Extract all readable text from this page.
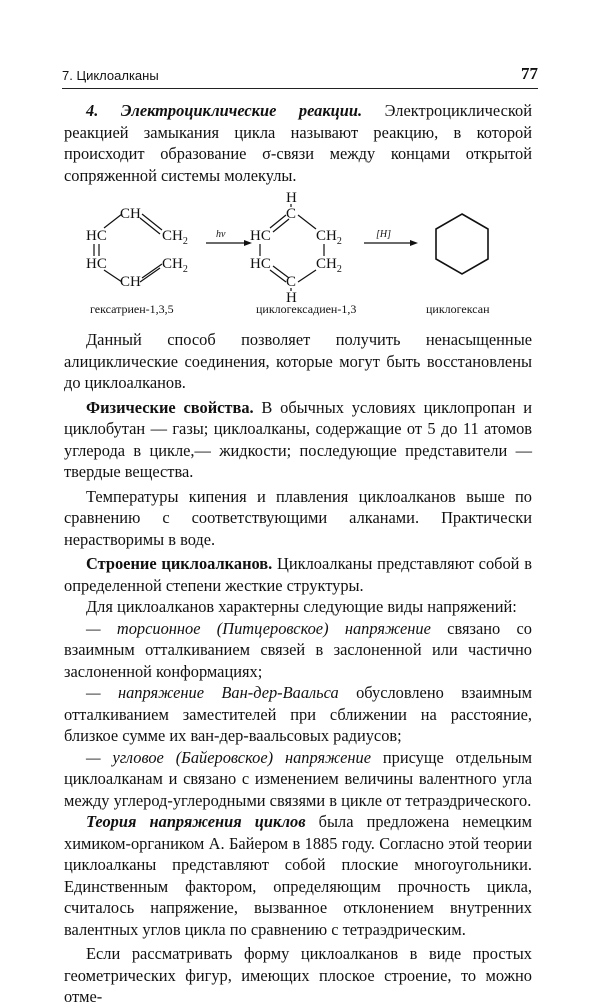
7. Циклоалканы	77

4. Электроциклические реакции. Электроциклической реакцией замыкания цикла называют реакцию, в которой происходит образование σ-связи между концами открытой сопряженной системы молекулы.

CH
HC	$CH_2$
HC
CH
$CH_2$
hν
H
C
HC	$CH_2$
HC	$CH_2$
C
H
[H]
гексатриен-1,3,5	циклогексадиен-1,3	циклогексан

Данный способ позволяет получить ненасыщенные алициклические соединения, которые могут быть восстановлены до циклоалканов.

Физические свойства. В обычных условиях циклопропан и циклобутан — газы; циклоалканы, содержащие от 5 до 11 атомов углерода в цикле,— жидкости; последующие представители — твердые вещества.

Температуры кипения и плавления циклоалканов выше по сравнению с соответствующими алканами. Практически нерастворимы в воде.

Строение циклоалканов. Циклоалканы представляют собой в определенной степени жесткие структуры.

Для циклоалканов характерны следующие виды напряжений:

— торсионное (Питцеровское) напряжение связано со взаимным отталкиванием связей в заслоненной или частично заслоненной конформациях;

— напряжение Ван-дер-Ваальса обусловлено взаимным отталкиванием заместителей при сближении на расстояние, близкое сумме их ван-дер-ваальсовых радиусов;

— угловое (Байеровское) напряжение присуще отдельным циклоалканам и связано с изменением величины валентного угла между углерод-углеродными связями в цикле от тетраэдрического.

Теория напряжения циклов была предложена немецким химиком-органиком А. Байером в 1885 году. Согласно этой теории циклоалканы представляют собой плоские многоугольники. Единственным фактором, определяющим прочность цикла, считалось напряжение, вызванное отклонением внутренних валентных углов цикла по сравнению с тетраэдрическим.

Если рассматривать форму циклоалканов в виде простых геометрических фигур, имеющих плоское строение, то можно отме-
